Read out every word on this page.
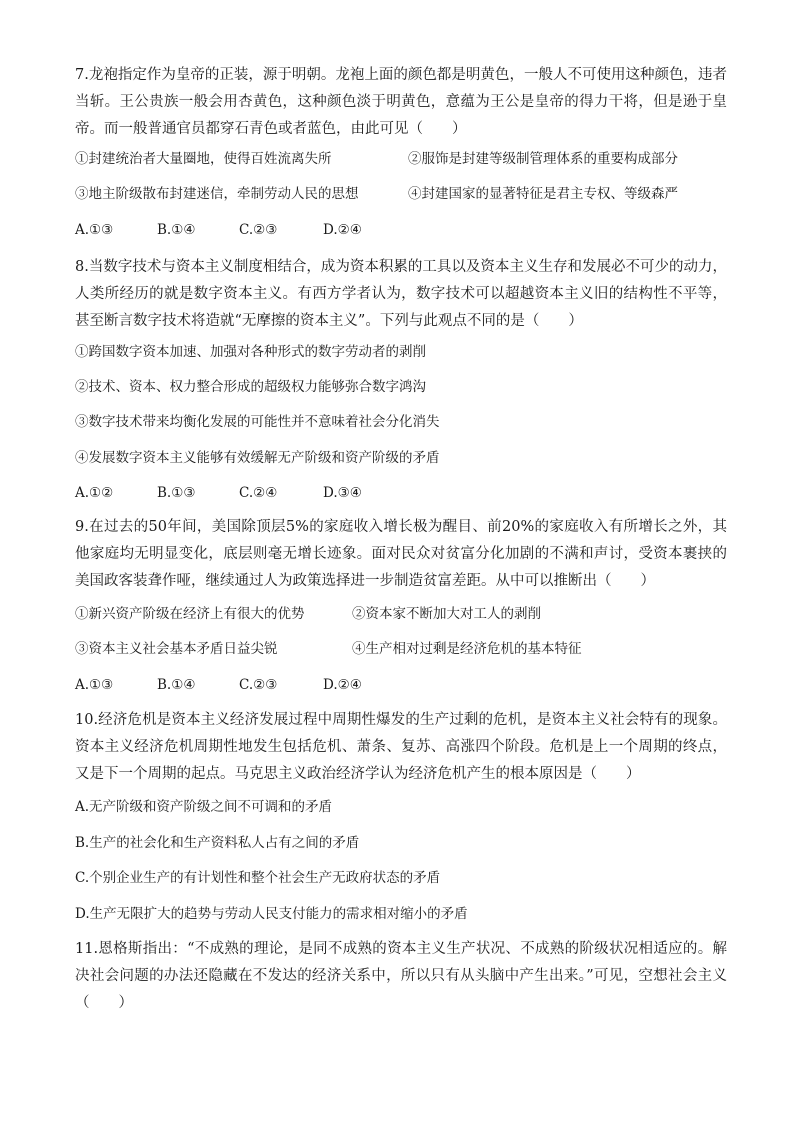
7.龙袍指定作为皇帝的正装，源于明朝。龙袍上面的颜色都是明黄色，一般人不可使用这种颜色，违者当斩。王公贵族一般会用杏黄色，这种颜色淡于明黄色，意蕴为王公是皇帝的得力干将，但是逊于皇帝。而一般普通官员都穿石青色或者蓝色，由此可见（　　）
①封建统治者大量圈地，使得百姓流离失所	②服饰是封建等级制管理体系的重要构成部分
③地主阶级散布封建迷信，牵制劳动人民的思想	④封建国家的显著特征是君主专权、等级森严
A.①③	B.①④	C.②③	D.②④
8.当数字技术与资本主义制度相结合，成为资本积累的工具以及资本主义生存和发展必不可少的动力，人类所经历的就是数字资本主义。有西方学者认为，数字技术可以超越资本主义旧的结构性不平等，甚至断言数字技术将造就“无摩擦的资本主义”。下列与此观点不同的是（　　）
①跨国数字资本加速、加强对各种形式的数字劳动者的剥削
②技术、资本、权力整合形成的超级权力能够弥合数字鸿沟
③数字技术带来均衡化发展的可能性并不意味着社会分化消失
④发展数字资本主义能够有效缓解无产阶级和资产阶级的矛盾
A.①②	B.①③	C.②④	D.③④
9.在过去的50年间，美国除顶层5%的家庭收入增长极为醒目、前20%的家庭收入有所增长之外，其他家庭均无明显变化，底层则毫无增长迹象。面对民众对贫富分化加剧的不满和声讨，受资本裹挟的美国政客装聋作哑，继续通过人为政策选择进一步制造贫富差距。从中可以推断出（　　）
①新兴资产阶级在经济上有很大的优势	②资本家不断加大对工人的剥削
③资本主义社会基本矛盾日益尖锐	④生产相对过剩是经济危机的基本特征
A.①③	B.①④	C.②③	D.②④
10.经济危机是资本主义经济发展过程中周期性爆发的生产过剩的危机，是资本主义社会特有的现象。资本主义经济危机周期性地发生包括危机、萧条、复苏、高涨四个阶段。危机是上一个周期的终点，又是下一个周期的起点。马克思主义政治经济学认为经济危机产生的根本原因是（　　）
A.无产阶级和资产阶级之间不可调和的矛盾
B.生产的社会化和生产资料私人占有之间的矛盾
C.个别企业生产的有计划性和整个社会生产无政府状态的矛盾
D.生产无限扩大的趋势与劳动人民支付能力的需求相对缩小的矛盾
11.恩格斯指出：“不成熟的理论，是同不成熟的资本主义生产状况、不成熟的阶级状况相适应的。解决社会问题的办法还隐藏在不发达的经济关系中，所以只有从头脑中产生出来。”可见，空想社会主义（　　）
